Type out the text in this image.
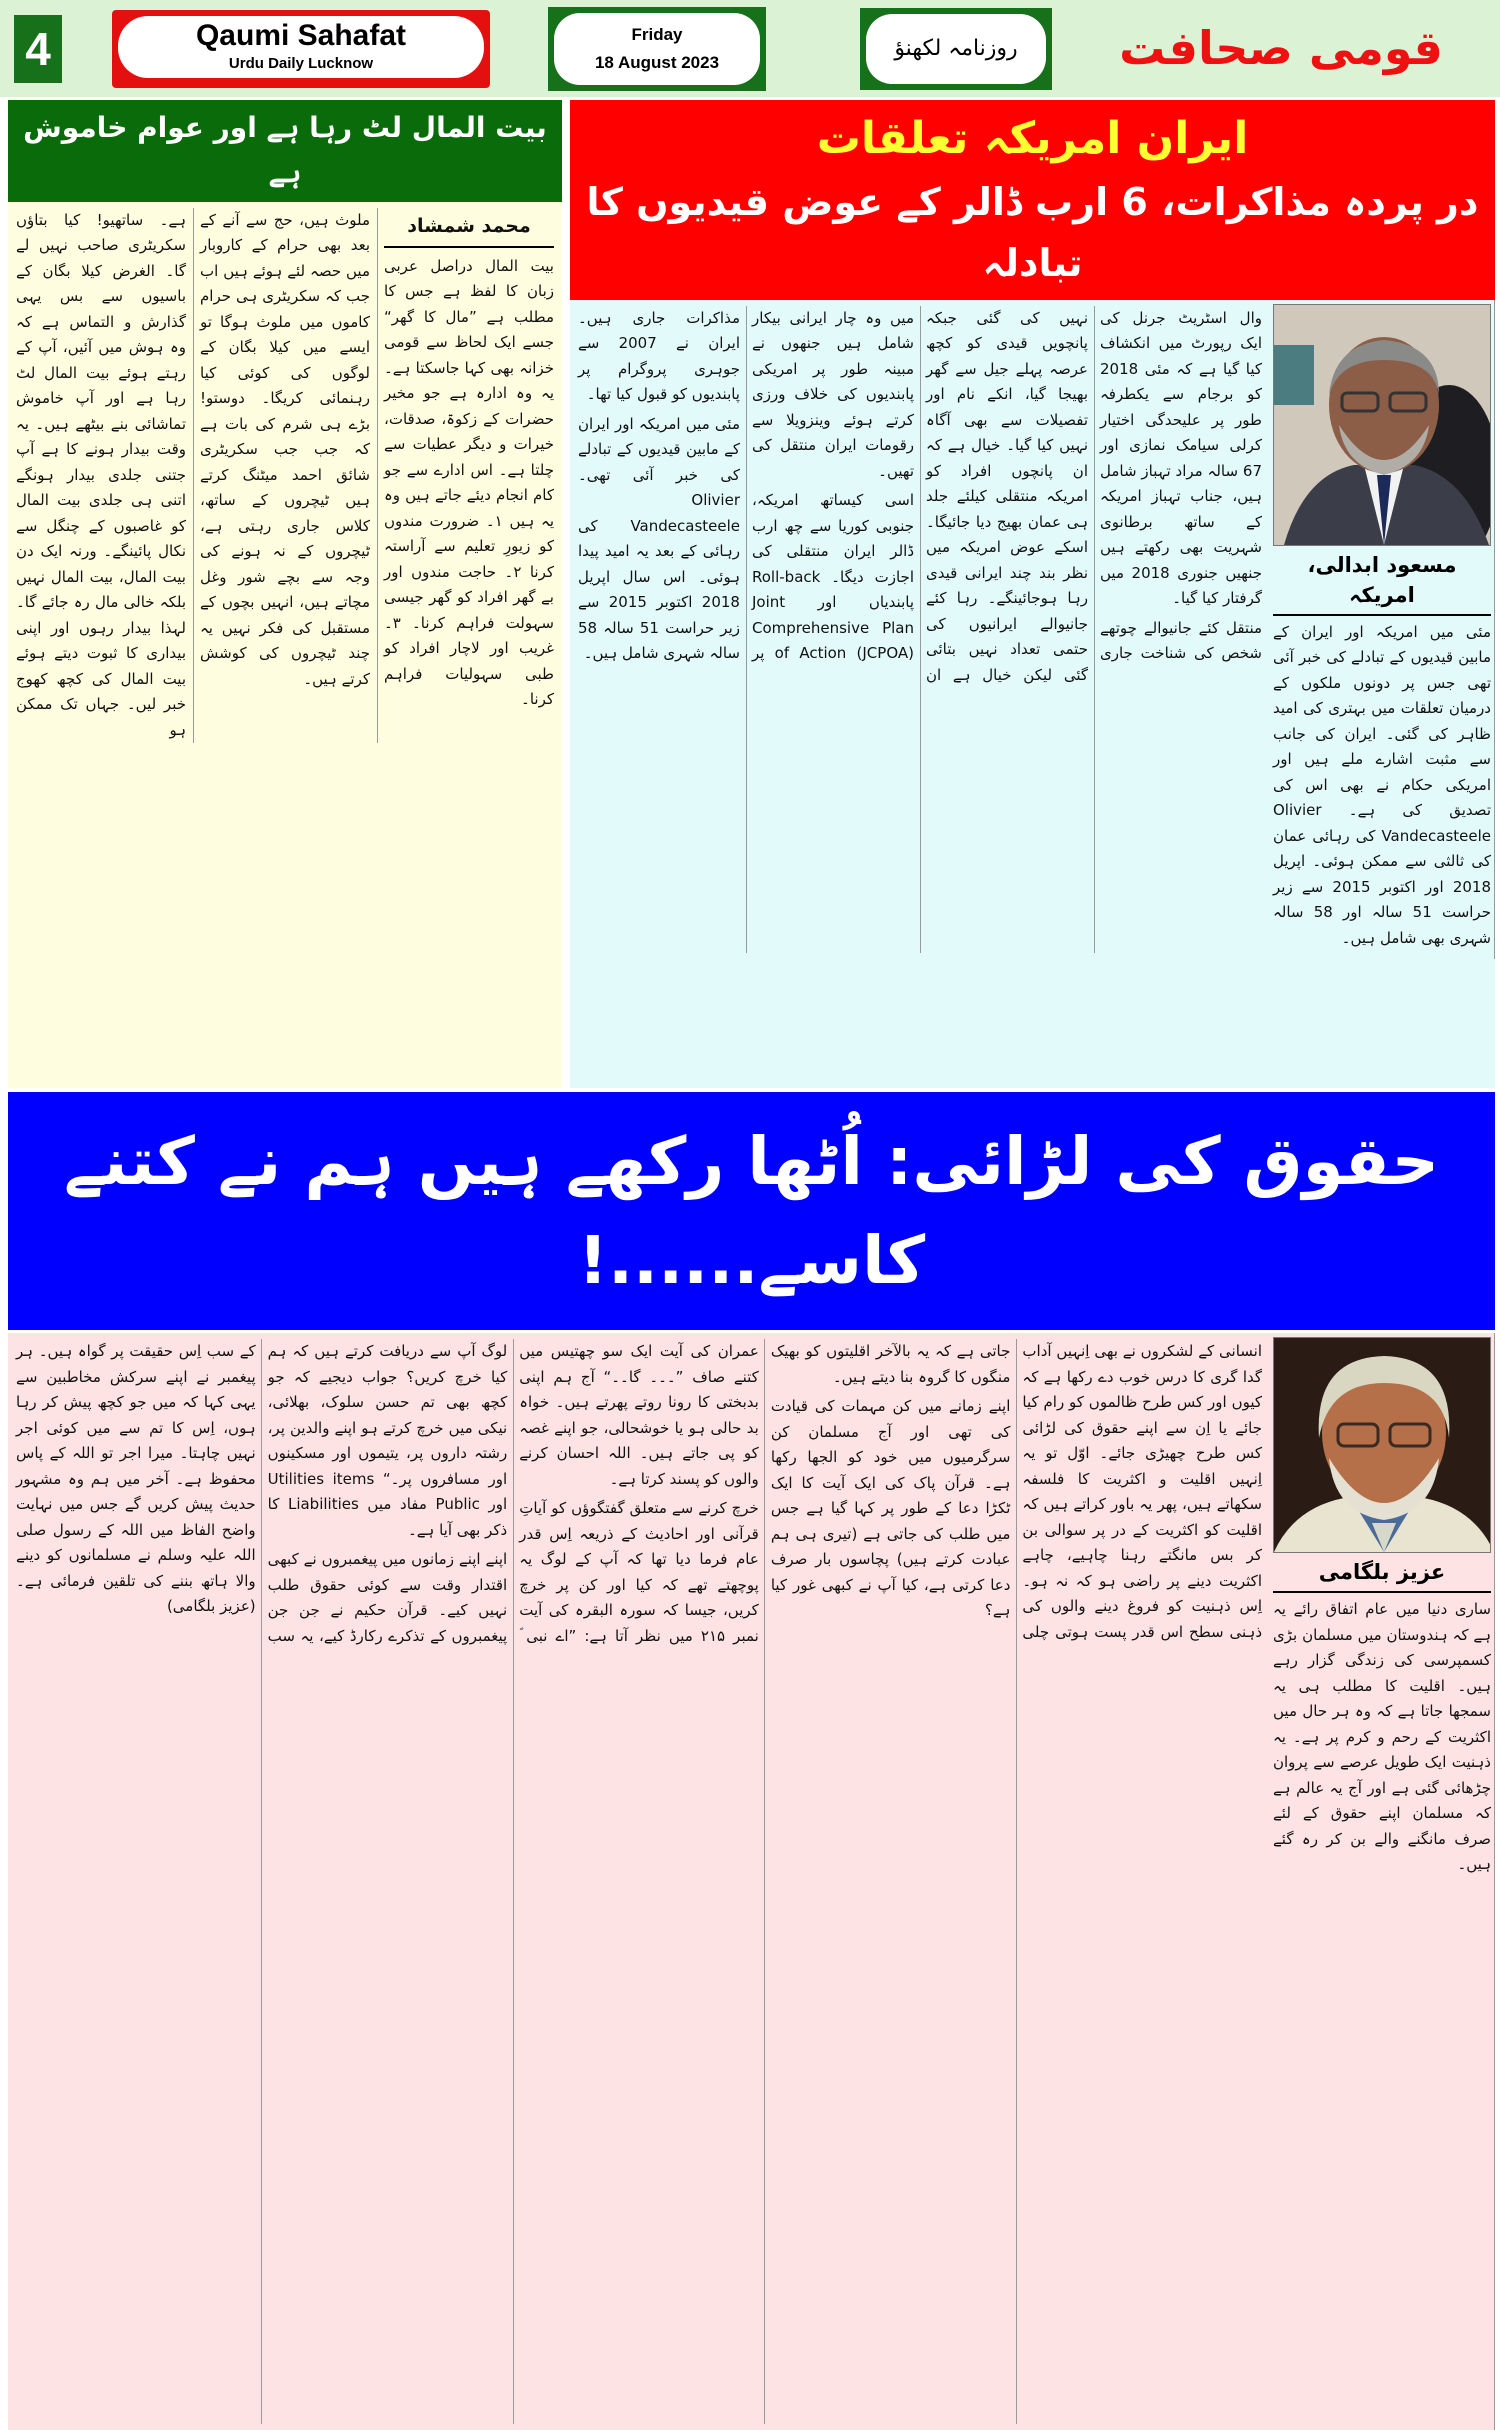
4	Qaumi Sahafat
Urdu Daily Lucknow
Friday
18 August 2023
روزنامہ لکھنؤ	قومی صحافت
بیت المال لٹ رہا ہے اور عوام خاموش ہے
محمد شمشاد

بیت المال دراصل عربی زبان کا لفظ ہے جس کا مطلب ہے ”مال کا گھر“ جسے ایک لحاظ سے قومی خزانہ بھی کہا جاسکتا ہے۔ یہ وہ ادارہ ہے جو مخیر حضرات کے زکوۃ، صدقات، خیرات و دیگر عطیات سے چلتا ہے۔ اس ادارے سے جو کام انجام دیئے جاتے ہیں وہ یہ ہیں ۱۔ ضرورت مندوں کو زیورِ تعلیم سے آراستہ کرنا ۲۔ حاجت مندوں اور بے گھر افراد کو گھر جیسی سہولت فراہم کرنا۔ ۳۔ غریب اور لاچار افراد کو طبی سہولیات فراہم کرنا۔

ملوث ہیں، حج سے آنے کے بعد بھی حرام کے کاروبار میں حصہ لئے ہوئے ہیں اب جب کہ سکریٹری ہی حرام کاموں میں ملوث ہوگا تو ایسے میں کیلا بگان کے لوگوں کی کوئی کیا رہنمائی کریگا۔ دوستو! بڑے ہی شرم کی بات ہے کہ جب جب سکریٹری شائق احمد میٹنگ کرتے ہیں ٹیچروں کے ساتھ، کلاس جاری رہتی ہے، ٹیچروں کے نہ ہونے کی وجہ سے بچے شور وغل مچاتے ہیں، انہیں بچوں کے مستقبل کی فکر نہیں یہ چند ٹیچروں کی کوشش کرتے ہیں۔

ہے۔ ساتھیو! کیا بتاؤں سکریٹری صاحب نہیں لے گا۔ الغرض کیلا بگان کے باسیوں سے بس یہی گذارش و التماس ہے کہ وہ ہوش میں آئیں، آپ کے رہتے ہوئے بیت المال لٹ رہا ہے اور آپ خاموش تماشائی بنے بیٹھے ہیں۔ یہ وقت بیدار ہونے کا ہے آپ جتنی جلدی بیدار ہونگے اتنی ہی جلدی بیت المال کو غاصبوں کے چنگل سے نکال پائینگے۔ ورنہ ایک دن بیت المال، بیت المال نہیں بلکہ خالی مال رہ جائے گا۔ لہذا بیدار رہوں اور اپنی بیداری کا ثبوت دیتے ہوئے بیت المال کی کچھ کھوج خبر لیں۔ جہاں تک ممکن ہو

ایران امریکہ تعلقات
در پردہ مذاکرات، 6 ارب ڈالر کے عوض قیدیوں کا تبادلہ
مسعود ابدالی، امریکہ

مئی میں امریکہ اور ایران کے مابین قیدیوں کے تبادلے کی خبر آئی تھی جس پر دونوں ملکوں کے درمیان تعلقات میں بہتری کی امید ظاہر کی گئی۔ ایران کی جانب سے مثبت اشارے ملے ہیں اور امریکی حکام نے بھی اس کی تصدیق کی ہے۔ Olivier Vandecasteele کی رہائی عمان کی ثالثی سے ممکن ہوئی۔ اپریل 2018 اور اکتوبر 2015 سے زیر حراست 51 سالہ اور 58 سالہ شہری بھی شامل ہیں۔

وال اسٹریٹ جرنل کی ایک رپورٹ میں انکشاف کیا گیا ہے کہ مئی 2018 کو برجام سے یکطرفہ طور پر علیحدگی اختیار کرلی سیامک نمازی اور 67 سالہ مراد تہباز شامل ہیں، جناب تہباز امریکہ کے ساتھ برطانوی شہریت بھی رکھتے ہیں جنھیں جنوری 2018 میں گرفتار کیا گیا۔

منتقل کئے جانیوالے چوتھے شخص کی شناخت جاری نہیں کی گئی جبکہ پانچویں قیدی کو کچھ عرصہ پہلے جیل سے گھر بھیجا گیا، انکے نام اور تفصیلات سے بھی آگاہ نہیں کیا گیا۔ خیال ہے کہ ان پانچوں افراد کو امریکہ منتقلی کیلئے جلد ہی عمان بھیج دیا جائیگا۔ اسکے عوض امریکہ میں نظر بند چند ایرانی قیدی رہا ہوجائینگے۔ رہا کئے جانیوالے ایرانیوں کی حتمی تعداد نہیں بتائی گئی لیکن خیال ہے ان میں وہ چار ایرانی بیکار شامل ہیں جنھوں نے مبینہ طور پر امریکی پابندیوں کی خلاف ورزی کرتے ہوئے وینزویلا سے رقومات ایران منتقل کی تھیں۔

اسی کیساتھ امریکہ، جنوبی کوریا سے چھ ارب ڈالر ایران منتقلی کی اجازت دیگا۔ Roll-back پابندیاں اور Joint Comprehensive Plan of Action (JCPOA) پر مذاکرات جاری ہیں۔ ایران نے 2007 سے جوہری پروگرام پر پابندیوں کو قبول کیا تھا۔

مئی میں امریکہ اور ایران کے مابین قیدیوں کے تبادلے کی خبر آئی تھی۔ Olivier Vandecasteele کی رہائی کے بعد یہ امید پیدا ہوئی۔ اس سال اپریل 2018 اکتوبر 2015 سے زیر حراست 51 سالہ 58 سالہ شہری شامل ہیں۔

حقوق کی لڑائی: اُٹھا رکھے ہیں ہم نے کتنے کاسے......!
عزیز بلگامی

ساری دنیا میں عام اتفاق رائے یہ ہے کہ ہندوستان میں مسلمان بڑی کسمپرسی کی زندگی گزار رہے ہیں۔ اقلیت کا مطلب ہی یہ سمجھا جاتا ہے کہ وہ ہر حال میں اکثریت کے رحم و کرم پر ہے۔ یہ ذہنیت ایک طویل عرصے سے پروان چڑھائی گئی ہے اور آج یہ عالم ہے کہ مسلمان اپنے حقوق کے لئے صرف مانگنے والے بن کر رہ گئے ہیں۔

انسانی کے لشکروں نے بھی اِنہیں آداب گدا گری کا درس خوب دے رکھا ہے کہ کیوں اور کس طرح ظالموں کو رام کیا جائے یا اِن سے اپنے حقوق کی لڑائی کس طرح چھیڑی جائے۔ اوّل تو یہ اِنہیں اقلیت و اکثریت کا فلسفہ سکھاتے ہیں، پھر یہ باور کراتے ہیں کہ اقلیت کو اکثریت کے در پر سوالی بن کر بس مانگتے رہنا چاہیے، چاہے اکثریت دینے پر راضی ہو کہ نہ ہو۔ اِس ذہنیت کو فروغ دینے والوں کی ذہنی سطح اس قدر پست ہوتی چلی جاتی ہے کہ یہ بالآخر اقلیتوں کو بھیک منگوں کا گروہ بنا دیتے ہیں۔

اپنے زمانے میں کن مہمات کی قیادت کی تھی اور آج مسلمان کن سرگرمیوں میں خود کو الجھا رکھا ہے۔ قرآن پاک کی ایک آیت کا ایک ٹکڑا دعا کے طور پر کہا گیا ہے جس میں طلب کی جاتی ہے (تیری ہی ہم عبادت کرتے ہیں) پچاسوں بار صرف دعا کرتی ہے، کیا آپ نے کبھی غور کیا ہے؟

عمران کی آیت ایک سو چھتیس میں کتنے صاف ”۔۔۔ گا۔۔“ آج ہم اپنی بدبختی کا رونا روتے پھرتے ہیں۔ خواہ بد حالی ہو یا خوشحالی، جو اپنے غصہ کو پی جاتے ہیں۔ اللہ احسان کرنے والوں کو پسند کرتا ہے۔

خرچ کرنے سے متعلق گفتگوؤں کو آیاتِ قرآنی اور احادیث کے ذریعہ اِس قدر عام فرما دیا تھا کہ آپ کے لوگ یہ پوچھتے تھے کہ کیا اور کن پر خرچ کریں، جیسا کہ سورہ البقرہ کی آیت نمبر ۲۱۵ میں نظر آتا ہے: ”اے نبی ؐ لوگ آپ سے دریافت کرتے ہیں کہ ہم کیا خرچ کریں؟ جواب دیجیے کہ جو کچھ بھی تم حسن سلوک، بھلائی، نیکی میں خرچ کرتے ہو اپنے والدین پر، رشتہ داروں پر، یتیموں اور مسکینوں اور مسافروں پر۔“ Utilities items اور Public مفاد میں Liabilities کا ذکر بھی آیا ہے۔

اپنے اپنے زمانوں میں پیغمبروں نے کبھی اقتدار وقت سے کوئی حقوق طلب نہیں کیے۔ قرآن حکیم نے جن جن پیغمبروں کے تذکرے رکارڈ کیے، یہ سب کے سب اِس حقیقت پر گواہ ہیں۔ ہر پیغمبر نے اپنے سرکش مخاطبین سے یہی کہا کہ میں جو کچھ پیش کر رہا ہوں، اِس کا تم سے میں کوئی اجر نہیں چاہتا۔ میرا اجر تو اللہ کے پاس محفوظ ہے۔ آخر میں ہم وہ مشہور حدیث پیش کریں گے جس میں نہایت واضح الفاظ میں اللہ کے رسول صلی اللہ علیہ وسلم نے مسلمانوں کو دینے والا ہاتھ بننے کی تلقین فرمائی ہے۔ (عزیز بلگامی)
